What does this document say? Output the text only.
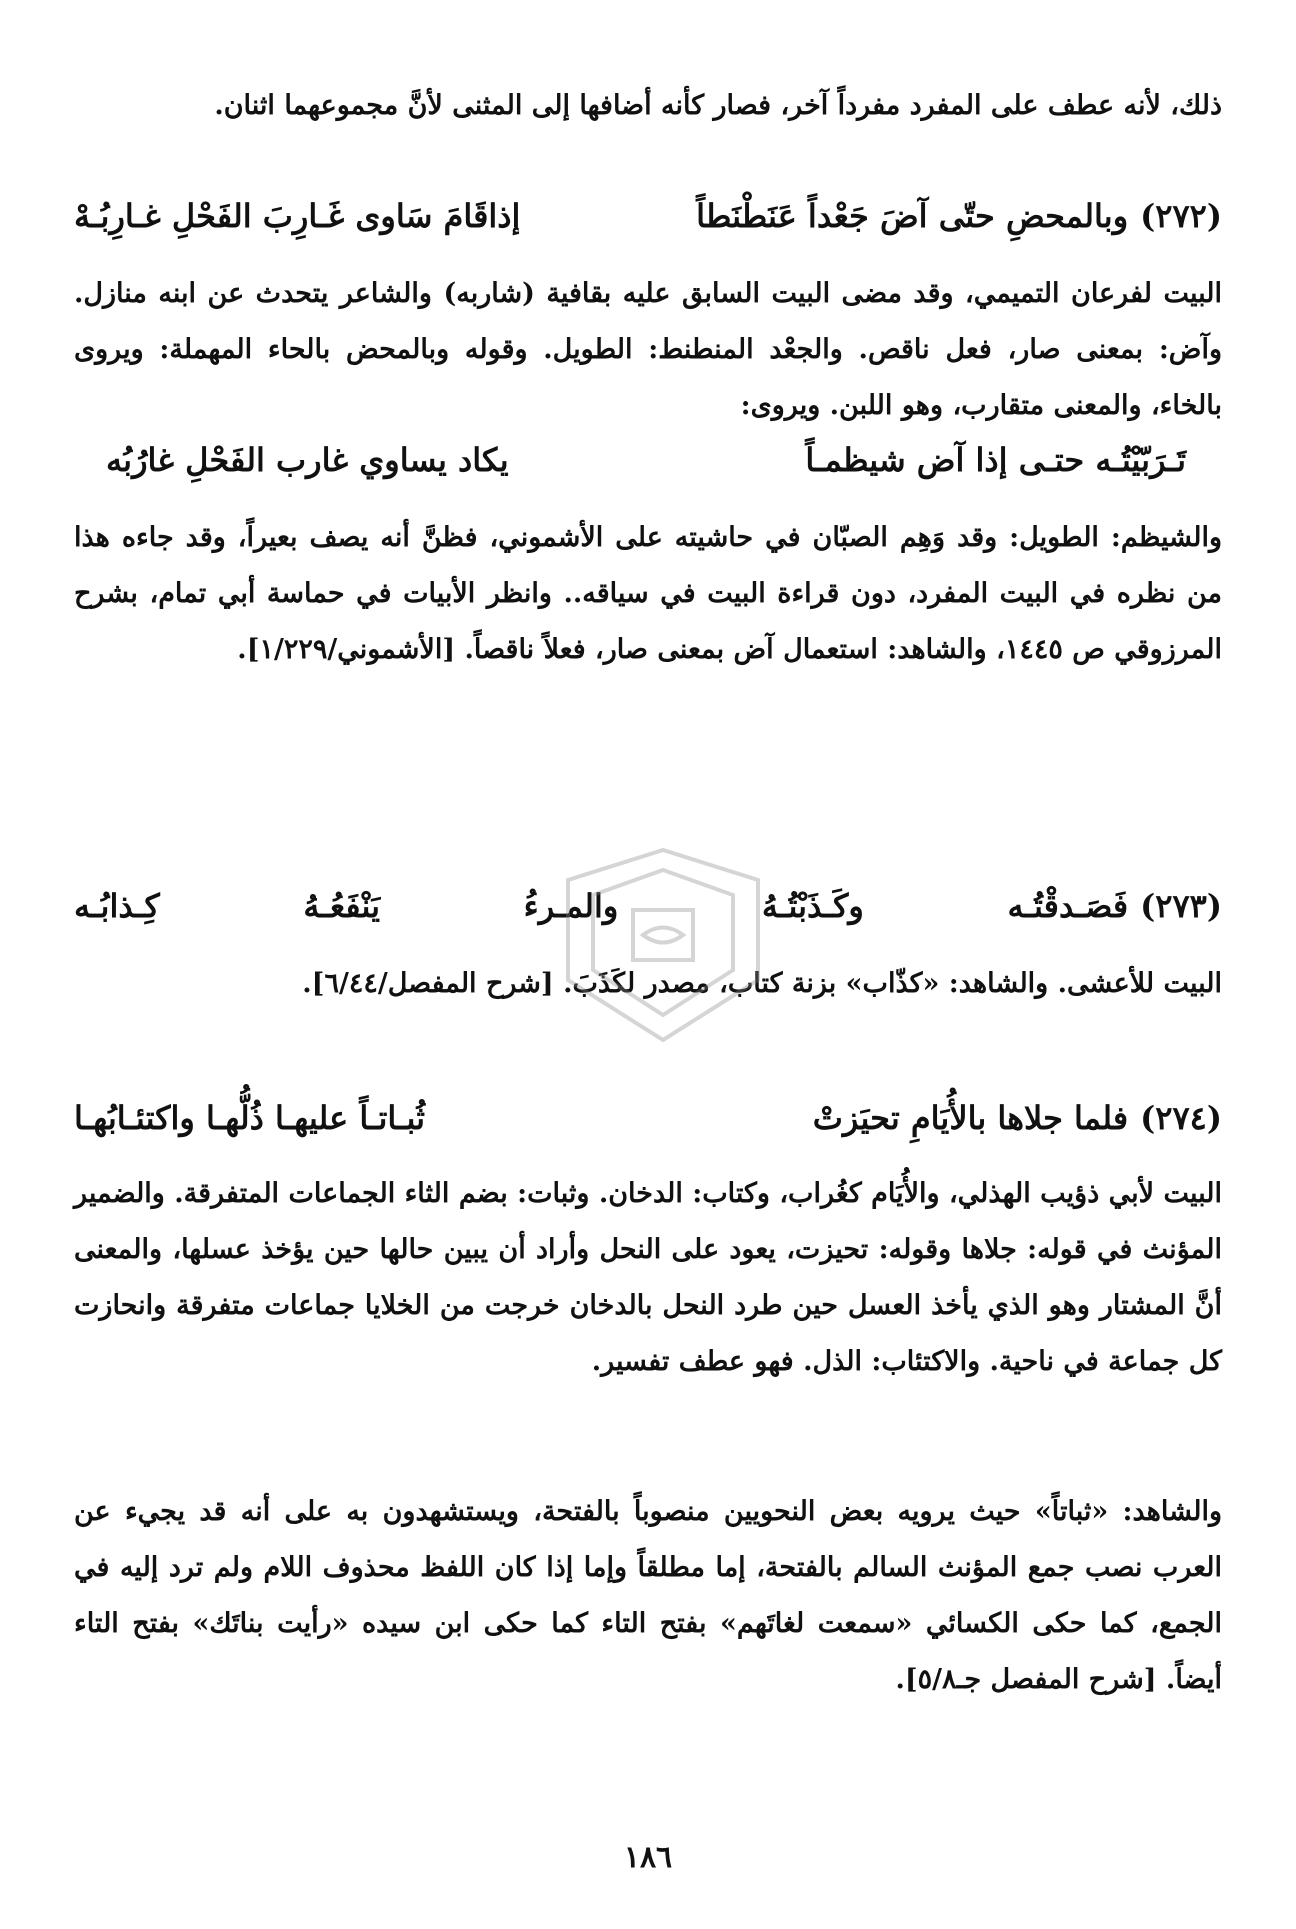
ذلك، لأنه عطف على المفرد مفرداً آخر، فصار كأنه أضافها إلى المثنى لأنَّ مجموعهما اثنان.

(٢٧٢)
وبالمحضِ حتّى آضَ جَعْداً عَنَطْنَطاً
إذاقَامَ سَاوى غَـارِبَ الفَحْلِ غـارِبُـهْ

البيت لفرعان التميمي، وقد مضى البيت السابق عليه بقافية (شاربه) والشاعر يتحدث عن ابنه منازل. وآض: بمعنى صار، فعل ناقص. والجعْد المنطنط: الطويل. وقوله وبالمحض بالحاء المهملة: ويروى بالخاء، والمعنى متقارب، وهو اللبن. ويروى:

تَـرَبّيْتُـه حتـى إذا آض شيظمـاً
يكاد يساوي غارب الفَحْلِ غارُبُه

والشيظم: الطويل: وقد وَهِم الصبّان في حاشيته على الأشموني، فظنَّ أنه يصف بعيراً، وقد جاءه هذا من نظره في البيت المفرد، دون قراءة البيت في سياقه.. وانظر الأبيات في حماسة أبي تمام، بشرح المرزوقي ص ١٤٤٥، والشاهد: استعمال آض بمعنى صار، فعلاً ناقصاً. [الأشموني/١/٢٢٩].

(٢٧٣)
فَصَـدقْتُـه وكَـذَبْتُـهُ والمـرءُ يَنْفَعُـهُ كِـذابُـه

البيت للأعشى. والشاهد: «كذّاب» بزنة كتاب، مصدر لكَذَبَ. [شرح المفصل/٦/٤٤].

(٢٧٤)
فلما جلاها بالأُيَامِ تحيَزتْ
ثُبـاتـاً عليهـا ذُلُّهـا واكتئـابُهـا

البيت لأبي ذؤيب الهذلي، والأُيَام كغُراب، وكتاب: الدخان. وثبات: بضم الثاء الجماعات المتفرقة. والضمير المؤنث في قوله: جلاها وقوله: تحيزت، يعود على النحل وأراد أن يبين حالها حين يؤخذ عسلها، والمعنى أنَّ المشتار وهو الذي يأخذ العسل حين طرد النحل بالدخان خرجت من الخلايا جماعات متفرقة وانحازت كل جماعة في ناحية. والاكتئاب: الذل. فهو عطف تفسير.

والشاهد: «ثباتاً» حيث يرويه بعض النحويين منصوباً بالفتحة، ويستشهدون به على أنه قد يجيء عن العرب نصب جمع المؤنث السالم بالفتحة، إما مطلقاً وإما إذا كان اللفظ محذوف اللام ولم ترد إليه في الجمع، كما حكى الكسائي «سمعت لغاتَهم» بفتح التاء كما حكى ابن سيده «رأيت بناتَك» بفتح التاء أيضاً. [شرح المفصل جـ٥/٨].

١٨٦
